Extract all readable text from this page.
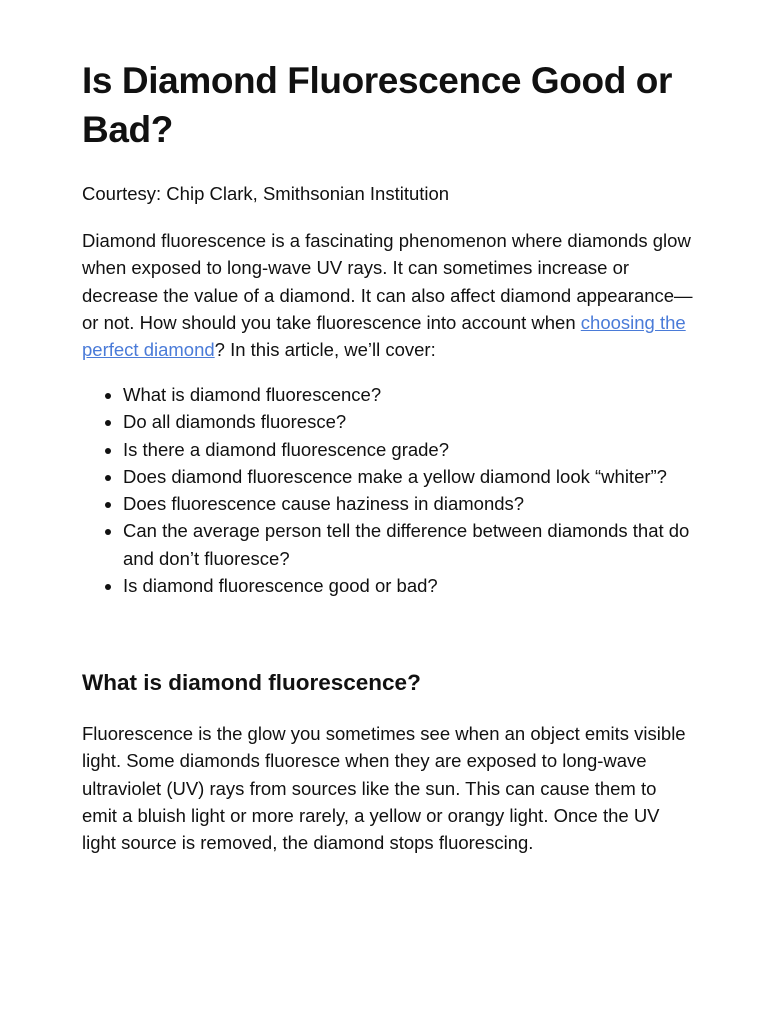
Is Diamond Fluorescence Good or Bad?

Courtesy: Chip Clark, Smithsonian Institution

Diamond fluorescence is a fascinating phenomenon where diamonds glow when exposed to long-wave UV rays. It can sometimes increase or decrease the value of a diamond. It can also affect diamond appearance—or not. How should you take fluorescence into account when choosing the perfect diamond? In this article, we’ll cover:

• What is diamond fluorescence?
• Do all diamonds fluoresce?
• Is there a diamond fluorescence grade?
• Does diamond fluorescence make a yellow diamond look “whiter”?
• Does fluorescence cause haziness in diamonds?
• Can the average person tell the difference between diamonds that do and don’t fluoresce?
• Is diamond fluorescence good or bad?
What is diamond fluorescence?

Fluorescence is the glow you sometimes see when an object emits visible light. Some diamonds fluoresce when they are exposed to long-wave ultraviolet (UV) rays from sources like the sun. This can cause them to emit a bluish light or more rarely, a yellow or orangy light. Once the UV light source is removed, the diamond stops fluorescing.
